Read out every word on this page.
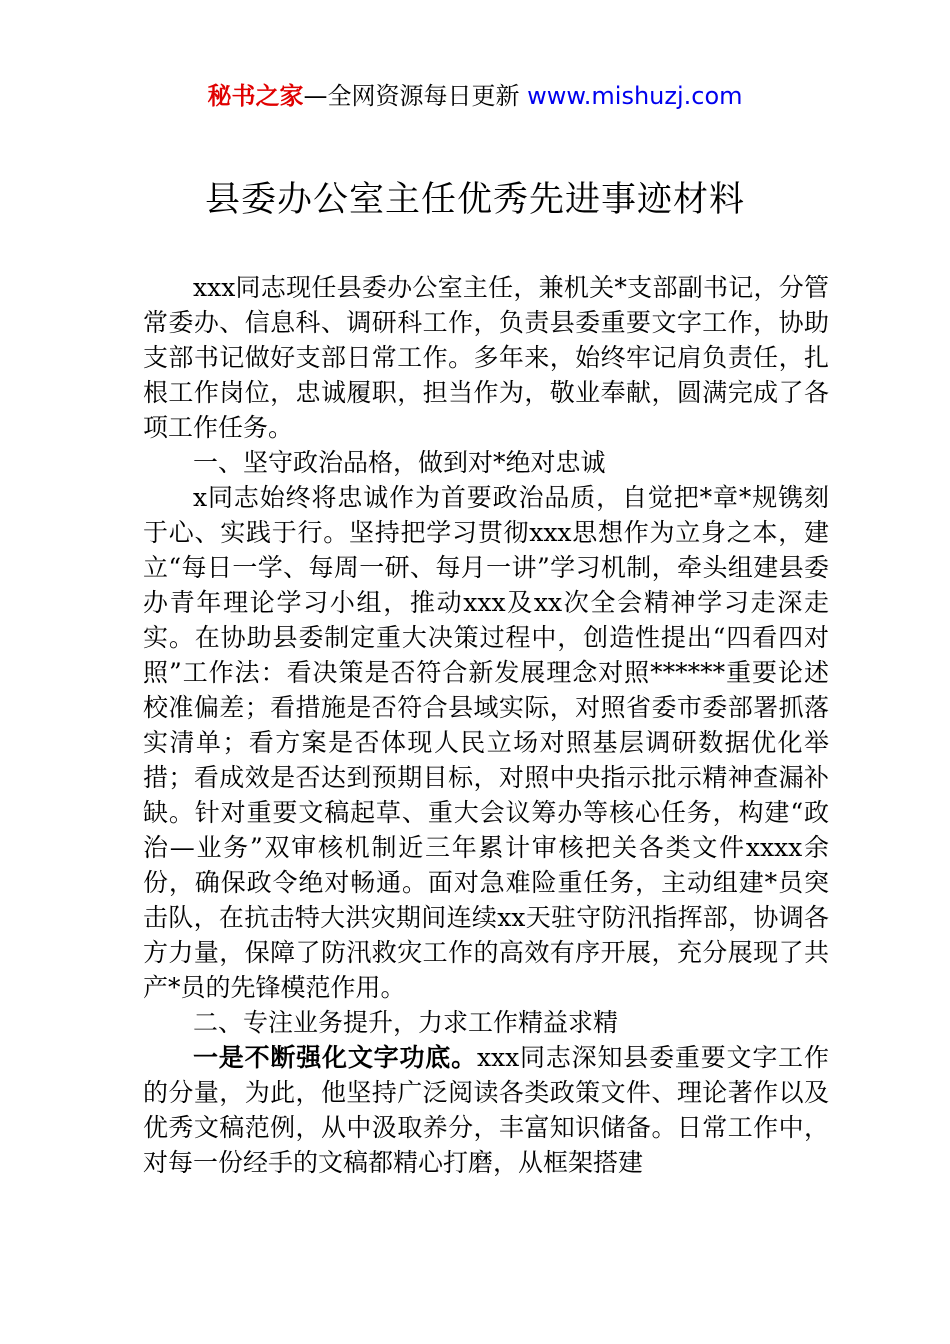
秘书之家—全网资源每日更新 www.mishuzj.com
县委办公室主任优秀先进事迹材料

xxx同志现任县委办公室主任，兼机关*支部副书记，分管常委办、信息科、调研科工作，负责县委重要文字工作，协助支部书记做好支部日常工作。多年来，始终牢记肩负责任，扎根工作岗位，忠诚履职，担当作为，敬业奉献，圆满完成了各项工作任务。

一、坚守政治品格，做到对*绝对忠诚

x同志始终将忠诚作为首要政治品质，自觉把*章*规镌刻于心、实践于行。坚持把学习贯彻xxx思想作为立身之本，建立“每日一学、每周一研、每月一讲”学习机制，牵头组建县委办青年理论学习小组，推动xxx及xx次全会精神学习走深走实。在协助县委制定重大决策过程中，创造性提出“四看四对照”工作法：看决策是否符合新发展理念对照******重要论述校准偏差；看措施是否符合县域实际，对照省委市委部署抓落实清单；看方案是否体现人民立场对照基层调研数据优化举措；看成效是否达到预期目标，对照中央指示批示精神查漏补缺。针对重要文稿起草、重大会议筹办等核心任务，构建“政治—业务”双审核机制近三年累计审核把关各类文件xxxx余份，确保政令绝对畅通。面对急难险重任务，主动组建*员突击队，在抗击特大洪灾期间连续xx天驻守防汛指挥部，协调各方力量，保障了防汛救灾工作的高效有序开展，充分展现了共产*员的先锋模范作用。

二、专注业务提升，力求工作精益求精

一是不断强化文字功底。xxx同志深知县委重要文字工作的分量，为此，他坚持广泛阅读各类政策文件、理论著作以及优秀文稿范例，从中汲取养分，丰富知识储备。日常工作中，对每一份经手的文稿都精心打磨，从框架搭建
